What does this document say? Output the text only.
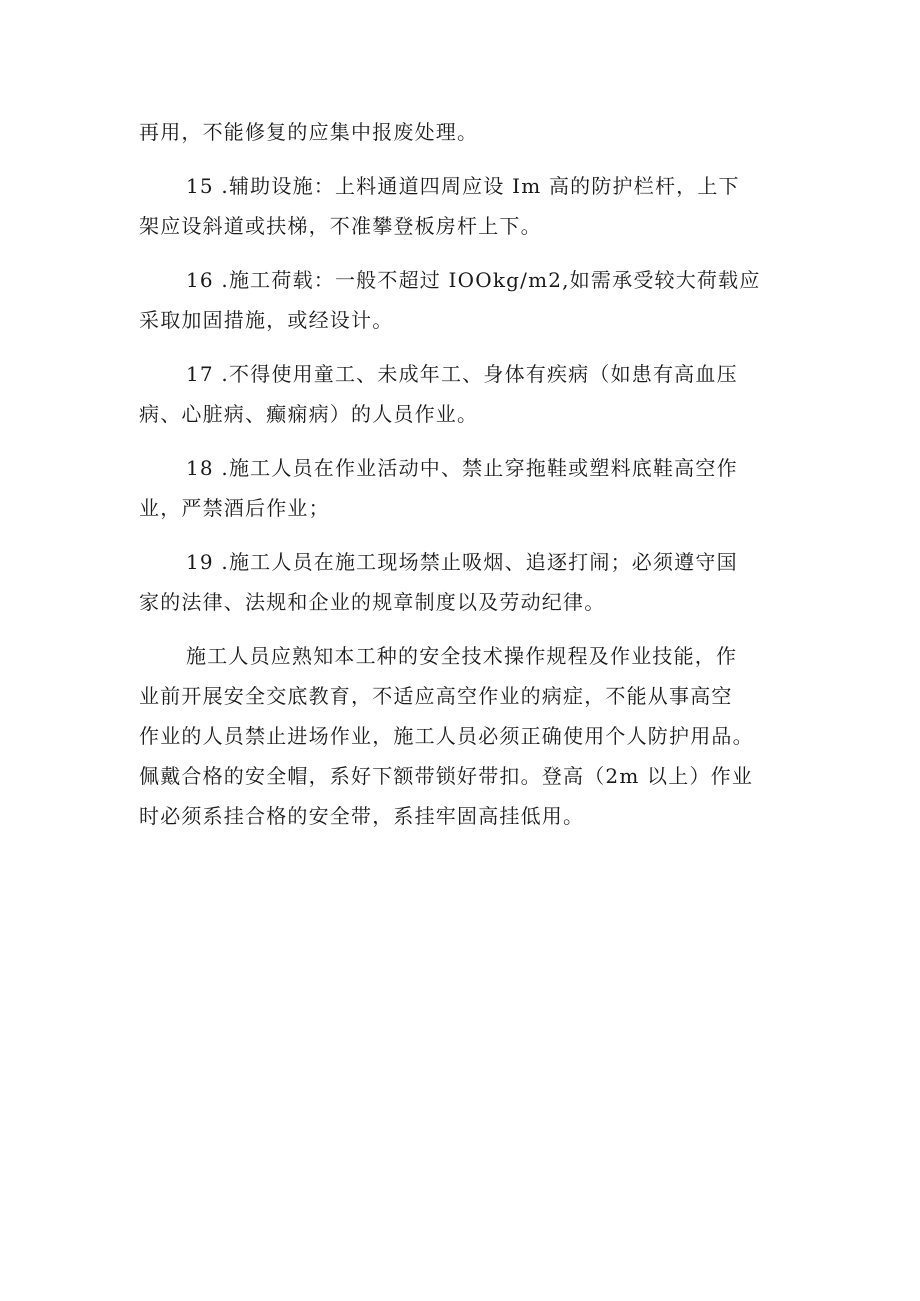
再用，不能修复的应集中报废处理。

15 .辅助设施：上料通道四周应设 Im 高的防护栏杆，上下
架应设斜道或扶梯，不准攀登板房杆上下。

16 .施工荷载：一般不超过 IOOkg/m2,如需承受较大荷载应
采取加固措施，或经设计。

17 .不得使用童工、未成年工、身体有疾病（如患有高血压
病、心脏病、癫痫病）的人员作业。

18 .施工人员在作业活动中、禁止穿拖鞋或塑料底鞋高空作
业，严禁酒后作业；

19 .施工人员在施工现场禁止吸烟、追逐打闹；必须遵守国
家的法律、法规和企业的规章制度以及劳动纪律。

施工人员应熟知本工种的安全技术操作规程及作业技能，作
业前开展安全交底教育，不适应高空作业的病症，不能从事高空
作业的人员禁止进场作业，施工人员必须正确使用个人防护用品。
佩戴合格的安全帽，系好下额带锁好带扣。登高（2m 以上）作业
时必须系挂合格的安全带，系挂牢固高挂低用。
